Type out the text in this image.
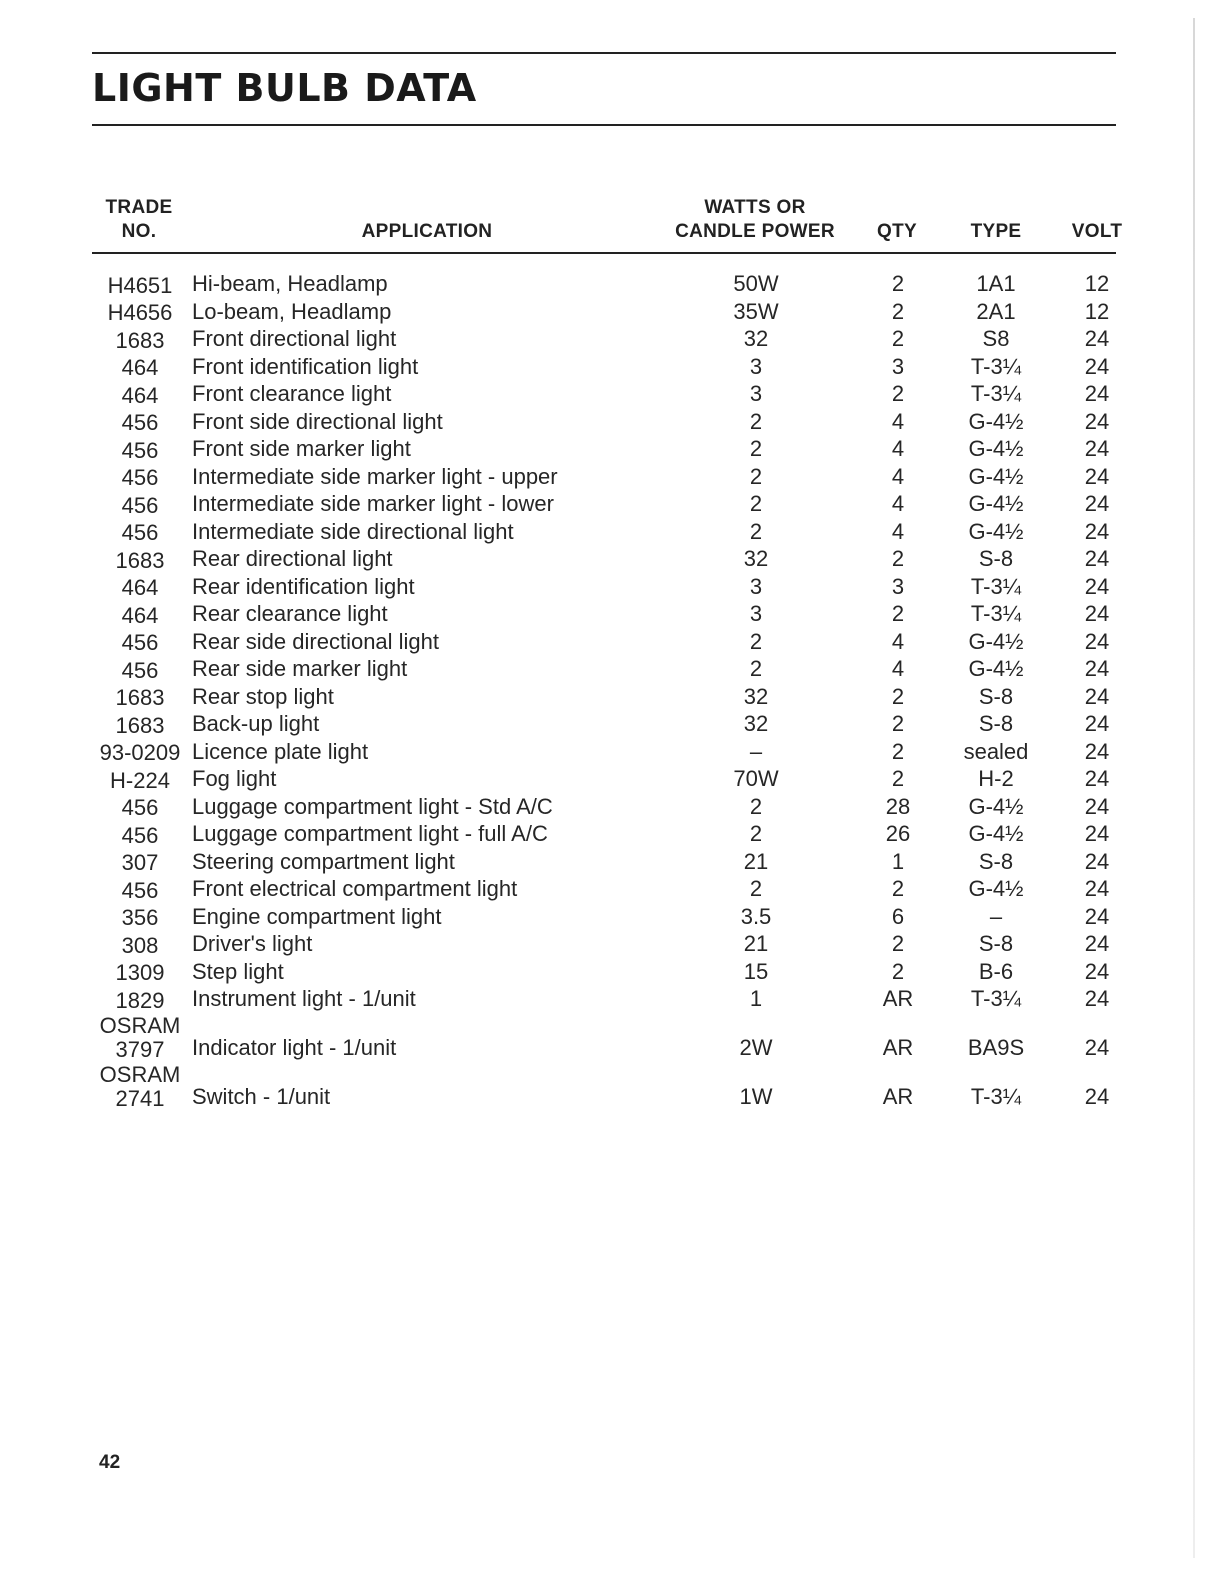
LIGHT BULB DATA
TRADE
NO.	APPLICATION
WATTS OR
CANDLE POWER	QTY	TYPE	VOLT
H4651 Hi-beam, Headlamp	50W	2	1A1	12
H4656 Lo-beam, Headlamp	35W	2	2A1	12
1683	Front directional light	32	2	S8	24
464	Front identification light	3	3	T-3¼	24
464	Front clearance light	3	2	T-3¼	24
456	Front side directional light	2	4	G-4½	24
456	Front side marker light	2	4	G-4½	24
456	Intermediate side marker light - upper	2	4	G-4½	24
456	Intermediate side marker light - lower	2	4	G-4½	24
456	Intermediate side directional light	2	4	G-4½	24
1683	Rear directional light	32	2	S-8	24
464	Rear identification light	3	3	T-3¼	24
464	Rear clearance light	3	2	T-3¼	24
456	Rear side directional light	2	4	G-4½	24
456	Rear side marker light	2	4	G-4½	24
1683	Rear stop light	32	2	S-8	24
1683	Back-up light	32	2	S-8	24
93-0209 Licence plate light	–	2	sealed	24
H-224	Fog light	70W	2	H-2	24
456	Luggage compartment light - Std A/C	2	28	G-4½	24
456	Luggage compartment light - full A/C	2	26	G-4½	24
307	Steering compartment light	21	1	S-8	24
456	Front electrical compartment light	2	2	G-4½	24
356	Engine compartment light	3.5	6	–	24
308	Driver's light	21	2	S-8	24
1309	Step light	15	2	B-6	24
1829	Instrument light - 1/unit	1	AR	T-3¼	24
OSRAM
3797	Indicator light - 1/unit	2W	AR	BA9S	24
OSRAM
2741	Switch - 1/unit	1W	AR	T-3¼	24
42
